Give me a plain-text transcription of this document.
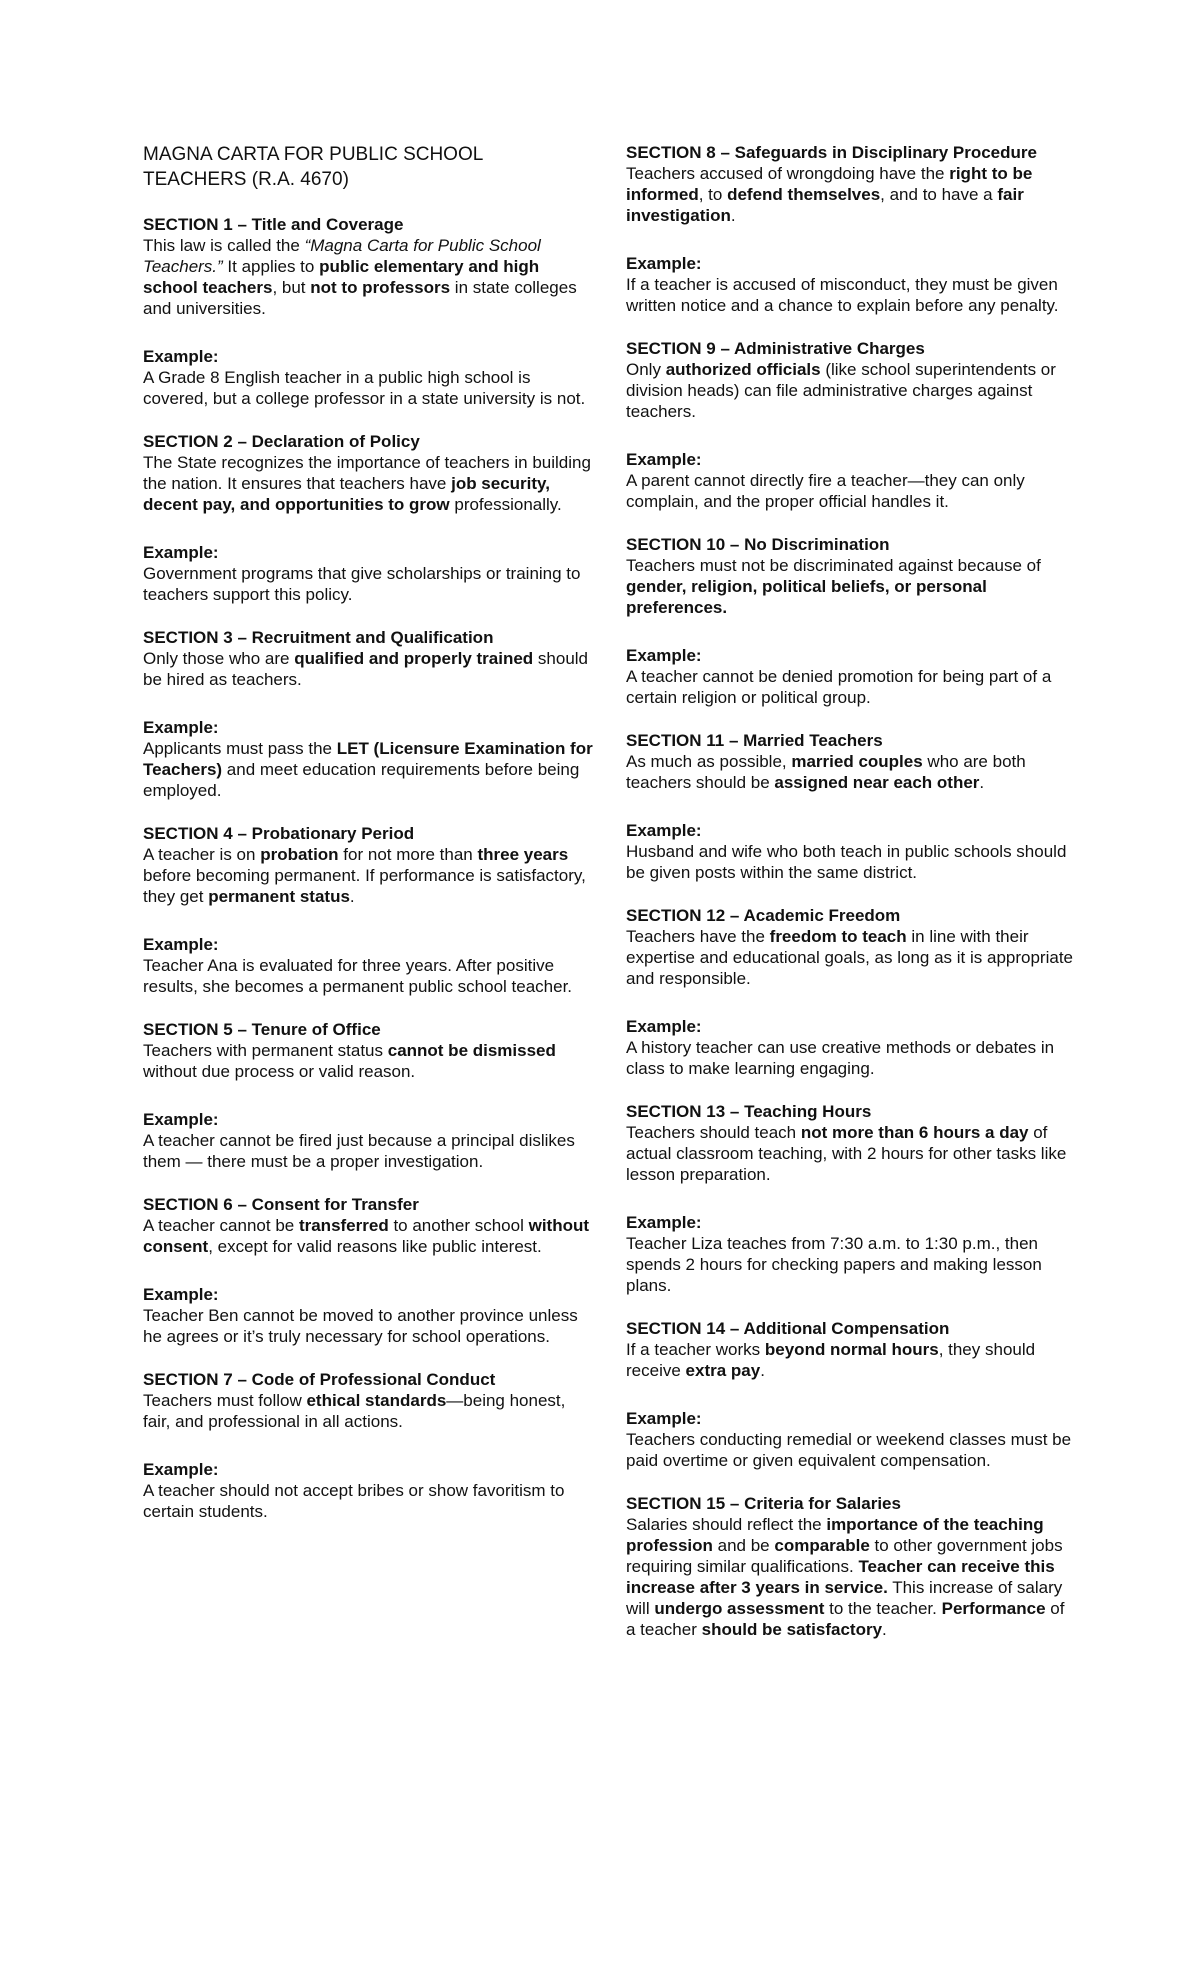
MAGNA CARTA FOR PUBLIC SCHOOL TEACHERS (R.A. 4670)

SECTION 1 – Title and Coverage

This law is called the “Magna Carta for Public School Teachers.” It applies to public elementary and high school teachers, but not to professors in state colleges and universities.

Example:

A Grade 8 English teacher in a public high school is covered, but a college professor in a state university is not.

SECTION 2 – Declaration of Policy

The State recognizes the importance of teachers in building the nation. It ensures that teachers have job security, decent pay, and opportunities to grow professionally.

Example:

Government programs that give scholarships or training to teachers support this policy.

SECTION 3 – Recruitment and Qualification

Only those who are qualified and properly trained should be hired as teachers.

Example:

Applicants must pass the LET (Licensure Examination for Teachers) and meet education requirements before being employed.

SECTION 4 – Probationary Period

A teacher is on probation for not more than three years before becoming permanent. If performance is satisfactory, they get permanent status.

Example:

Teacher Ana is evaluated for three years. After positive results, she becomes a permanent public school teacher.

SECTION 5 – Tenure of Office

Teachers with permanent status cannot be dismissed without due process or valid reason.

Example:

A teacher cannot be fired just because a principal dislikes them — there must be a proper investigation.

SECTION 6 – Consent for Transfer

A teacher cannot be transferred to another school without consent, except for valid reasons like public interest.

Example:

Teacher Ben cannot be moved to another province unless he agrees or it’s truly necessary for school operations.

SECTION 7 – Code of Professional Conduct

Teachers must follow ethical standards—being honest, fair, and professional in all actions.

Example:

A teacher should not accept bribes or show favoritism to certain students.

SECTION 8 – Safeguards in Disciplinary Procedure

Teachers accused of wrongdoing have the right to be informed, to defend themselves, and to have a fair investigation.

Example:

If a teacher is accused of misconduct, they must be given written notice and a chance to explain before any penalty.

SECTION 9 – Administrative Charges

Only authorized officials (like school superintendents or division heads) can file administrative charges against teachers.

Example:

A parent cannot directly fire a teacher—they can only complain, and the proper official handles it.

SECTION 10 – No Discrimination

Teachers must not be discriminated against because of gender, religion, political beliefs, or personal preferences.

Example:

A teacher cannot be denied promotion for being part of a certain religion or political group.

SECTION 11 – Married Teachers

As much as possible, married couples who are both teachers should be assigned near each other.

Example:

Husband and wife who both teach in public schools should be given posts within the same district.

SECTION 12 – Academic Freedom

Teachers have the freedom to teach in line with their expertise and educational goals, as long as it is appropriate and responsible.

Example:

A history teacher can use creative methods or debates in class to make learning engaging.

SECTION 13 – Teaching Hours

Teachers should teach not more than 6 hours a day of actual classroom teaching, with 2 hours for other tasks like lesson preparation.

Example:

Teacher Liza teaches from 7:30 a.m. to 1:30 p.m., then spends 2 hours for checking papers and making lesson plans.

SECTION 14 – Additional Compensation

If a teacher works beyond normal hours, they should receive extra pay.

Example:

Teachers conducting remedial or weekend classes must be paid overtime or given equivalent compensation.

SECTION 15 – Criteria for Salaries

Salaries should reflect the importance of the teaching profession and be comparable to other government jobs requiring similar qualifications. Teacher can receive this increase after 3 years in service. This increase of salary will undergo assessment to the teacher. Performance of a teacher should be satisfactory.
